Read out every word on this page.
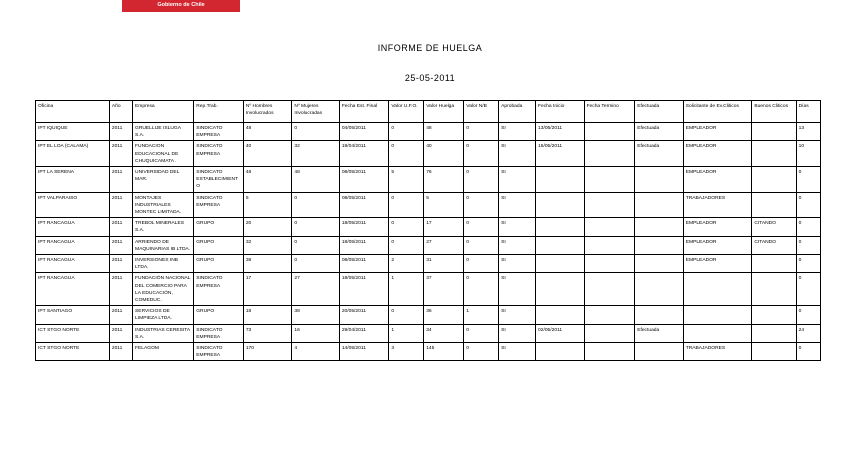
Gobierno de Chile
INFORME DE HUELGA
25-05-2011
Oficina	Año	Empresa	Rep.Trab.	Nº Hombres Involucrados	Nº Mujeres Involucradas	Fecha Est. Final	Valor U.F.O.	Valor Huelga	Valor N/B	Aprobada	Fecha Inicio	Fecha Termino	Efectuada	Solicitante de Ev.Cliticos	Buenos Cliticos	Días
IPT IQUIQUE	2011	GRUELLIJE ISLUGA S.A.	SINDICATO EMPRESA	48	0	04/05/2011	0	48	0	SI	13/05/2011		Efectuada	EMPLEADOR		13
IPT EL LOA (CALAMA)	2011	FUNDACION EDUCACIONAL DE CHUQUICAMATA .	SINDICATO EMPRESA	40	32	19/04/2011	0	40	0	SI	15/05/2011		Efectuada	EMPLEADOR		10
IPT LA SERENA	2011	UNIVERSIDAD DEL MAR.	SINDICATO ESTABLECIMIENTO	48	48	08/05/2011	5	76	0	SI				EMPLEADOR		0
IPT VALPARAISO	2011	MONTAJES INDUSTRIALES MONTEC LIMITADA.	SINDICATO EMPRESA	5	0	08/05/2011	0	5	0	SI				TRABAJADORES		0
IPT RANCAGUA	2011	TREBOL MINERALES S.A.	GRUPO	20	0	18/05/2011	0	17	0	SI				EMPLEADOR	CITANDO	0
IPT RANCAGUA	2011	ARRIENDO DE MAQUINARIAS IB LTDA.	GRUPO	32	0	18/05/2011	0	27	0	SI				EMPLEADOR	CITANDO	0
IPT RANCAGUA	2011	INVERSIONES INB LTDA.	GRUPO	38	0	08/05/2011	2	31	0	SI				EMPLEADOR		0
IPT RANCAGUA	2011	FUNDACIÓN NACIONAL DEL COMERCIO PARA LA EDUCACIÓN, COMEDUC.	SINDICATO EMPRESA	17	27	18/05/2011	1	37	0	SI						0
IPT SANTIAGO	2011	SERVICIOS DE LIMPIEZA LTDA.	GRUPO	18	38	20/05/2011	0	36	1	SI						0
ICT STGO NORTE	2011	INDUSTRIAS CERESITA S.A.	SINDICATO EMPRESA	73	16	29/04/2011	1	34	0	SI	02/05/2011		Efectuada			24
ICT STGO NORTE	2011	FELAGOM	SINDICATO EMPRESA	170	4	14/05/2011	3	145	0	SI				TRABAJADORES		0
